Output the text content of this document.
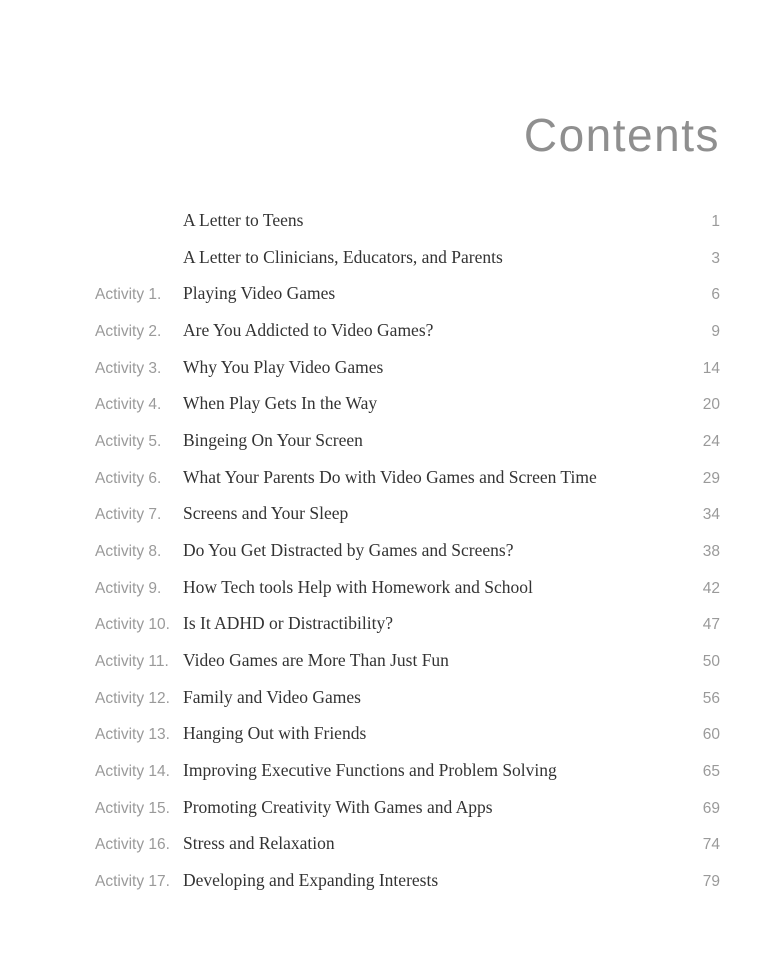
Contents
A Letter to Teens	1
A Letter to Clinicians, Educators, and Parents	3
Activity 1.	Playing Video Games	6
Activity 2.	Are You Addicted to Video Games?	9
Activity 3.	Why You Play Video Games	14
Activity 4.	When Play Gets In the Way	20
Activity 5.	Bingeing On Your Screen	24
Activity 6.	What Your Parents Do with Video Games and Screen Time	29
Activity 7.	Screens and Your Sleep	34
Activity 8.	Do You Get Distracted by Games and Screens?	38
Activity 9.	How Tech tools Help with Homework and School	42
Activity 10. Is It ADHD or Distractibility?	47
Activity 11. Video Games are More Than Just Fun	50
Activity 12. Family and Video Games	56
Activity 13. Hanging Out with Friends	60
Activity 14. Improving Executive Functions and Problem Solving	65
Activity 15. Promoting Creativity With Games and Apps	69
Activity 16. Stress and Relaxation	74
Activity 17. Developing and Expanding Interests	79
